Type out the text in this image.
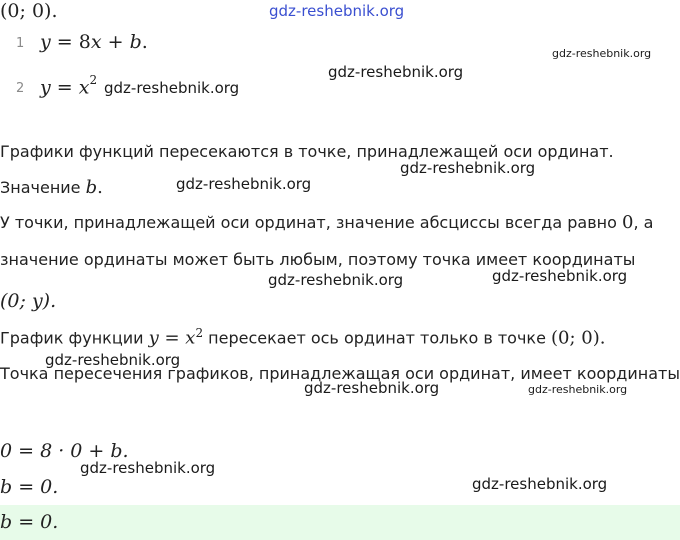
gdz-reshebnik.org
1 y = 8x + b.
2 $y = x^2$
gdz-reshebnik.org
gdz-reshebnik.org
gdz-reshebnik.org
Графики функций пересекаются в точке, принадлежащей оси ординат.
Значение b.
gdz-reshebnik.org
gdz-reshebnik.org
У точки, принадлежащей оси ординат, значение абсциссы всегда равно 0, а
значение ординаты может быть любым, поэтому точка имеет координаты
gdz-reshebnik.org
gdz-reshebnik.org
(0; y).
График функции $y = x^2$ пересекает ось ординат только в точке (0; 0).
gdz-reshebnik.org
Точка пересечения графиков, принадлежащая оси ординат, имеет координаты
gdz-reshebnik.org	gdz-reshebnik.org
(0; 0).
0 = 8 · 0 + b.
gdz-reshebnik.org
b = 0.	gdz-reshebnik.org
b = 0.
